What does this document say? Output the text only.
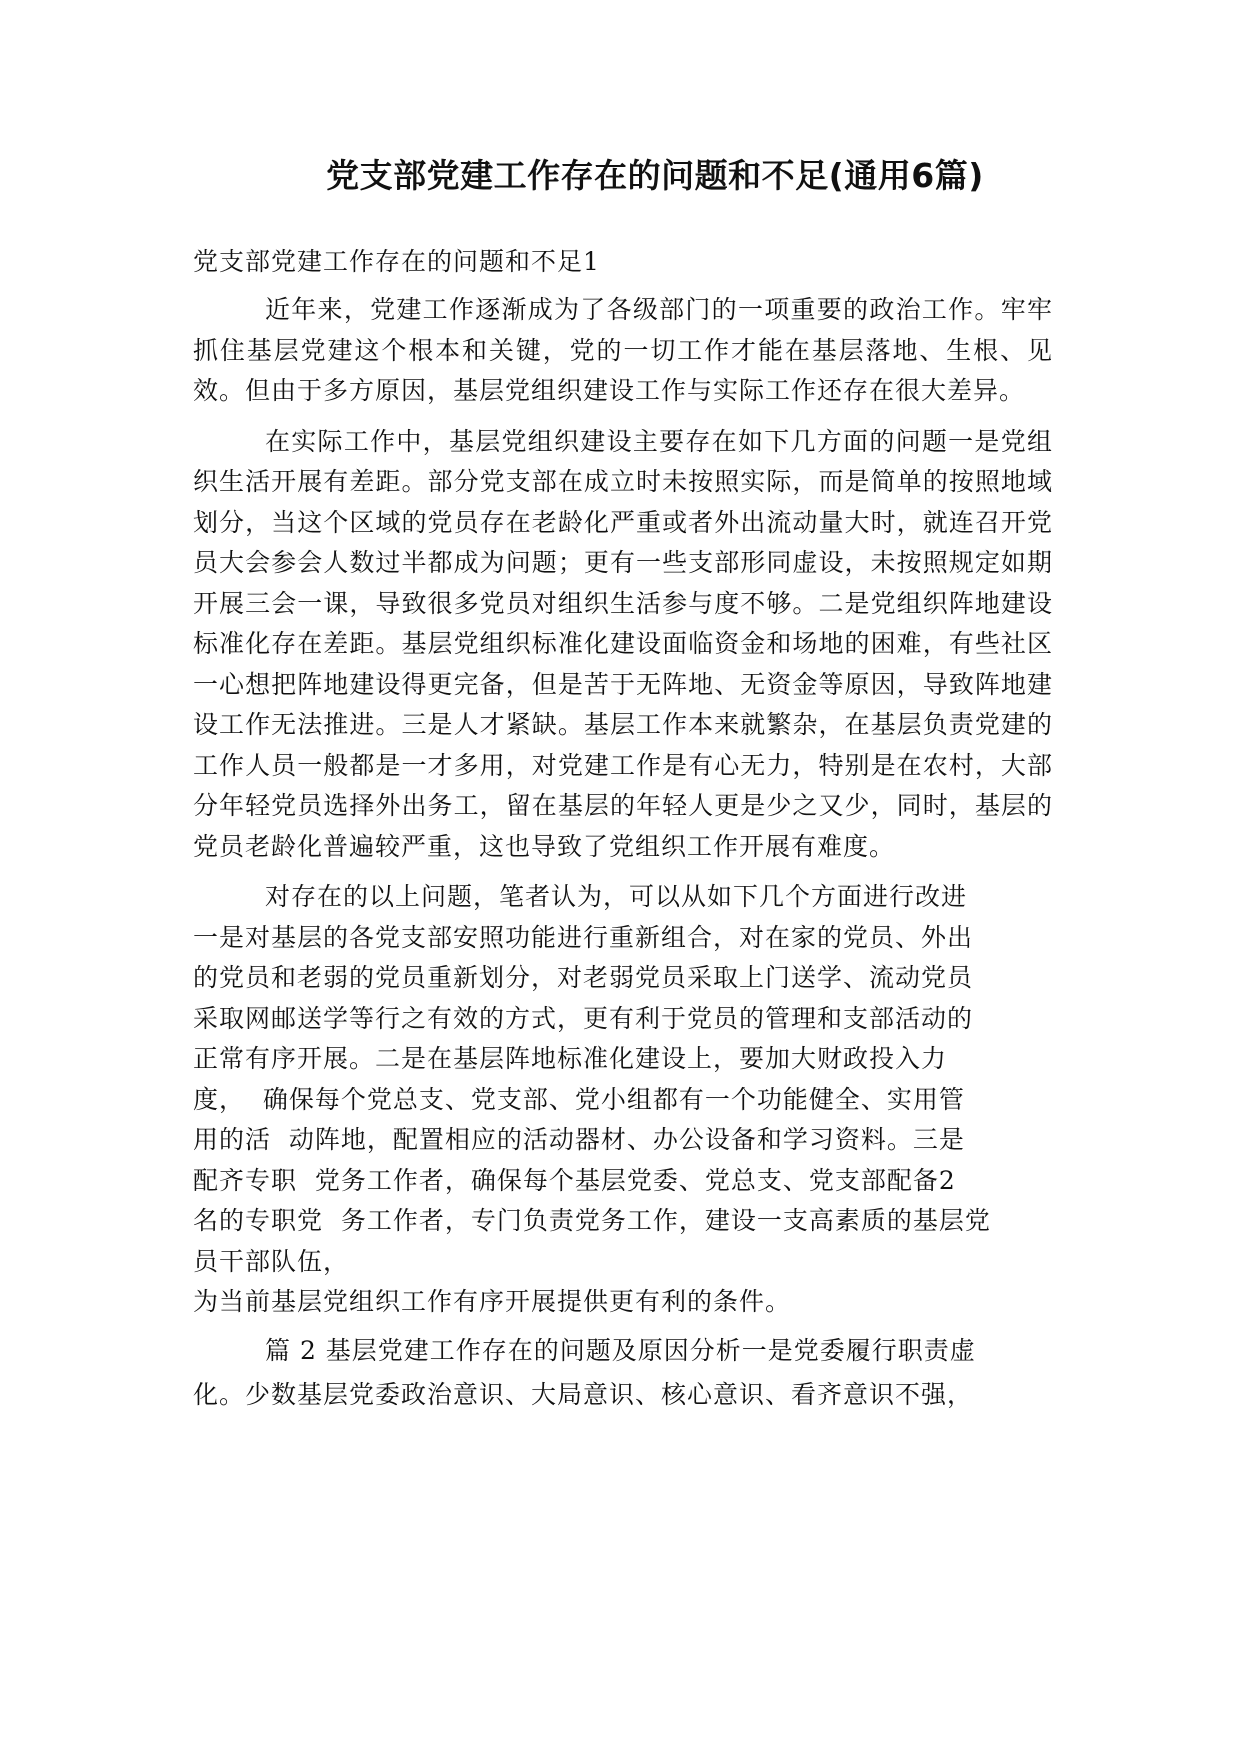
党支部党建工作存在的问题和不足(通用6篇)

党支部党建工作存在的问题和不足1

近年来，党建工作逐渐成为了各级部门的一项重要的政治工作。牢牢抓住基层党建这个根本和关键，党的一切工作才能在基层落地、生根、见效。但由于多方原因，基层党组织建设工作与实际工作还存在很大差异。

在实际工作中，基层党组织建设主要存在如下几方面的问题一是党组织生活开展有差距。部分党支部在成立时未按照实际，而是简单的按照地域划分，当这个区域的党员存在老龄化严重或者外出流动量大时，就连召开党员大会参会人数过半都成为问题；更有一些支部形同虚设，未按照规定如期开展三会一课，导致很多党员对组织生活参与度不够。二是党组织阵地建设标准化存在差距。基层党组织标准化建设面临资金和场地的困难，有些社区一心想把阵地建设得更完备，但是苦于无阵地、无资金等原因，导致阵地建设工作无法推进。三是人才紧缺。基层工作本来就繁杂，在基层负责党建的工作人员一般都是一才多用，对党建工作是有心无力，特别是在农村，大部分年轻党员选择外出务工，留在基层的年轻人更是少之又少，同时，基层的党员老龄化普遍较严重，这也导致了党组织工作开展有难度。

对存在的以上问题，笔者认为，可以从如下几个方面进行改进

一是对基层的各党支部安照功能进行重新组合，对在家的党员、外出

的党员和老弱的党员重新划分，对老弱党员采取上门送学、流动党员

采取网邮送学等行之有效的方式，更有利于党员的管理和支部活动的

正常有序开展。二是在基层阵地标准化建设上，要加大财政投入力

度，  确保每个党总支、党支部、党小组都有一个功能健全、实用管

用的活  动阵地，配置相应的活动器材、办公设备和学习资料。三是

配齐专职  党务工作者，确保每个基层党委、党总支、党支部配备2

名的专职党  务工作者，专门负责党务工作，建设一支高素质的基层党

员干部队伍，

为当前基层党组织工作有序开展提供更有利的条件。

篇 2 基层党建工作存在的问题及原因分析一是党委履行职责虚

化。少数基层党委政治意识、大局意识、核心意识、看齐意识不强，
